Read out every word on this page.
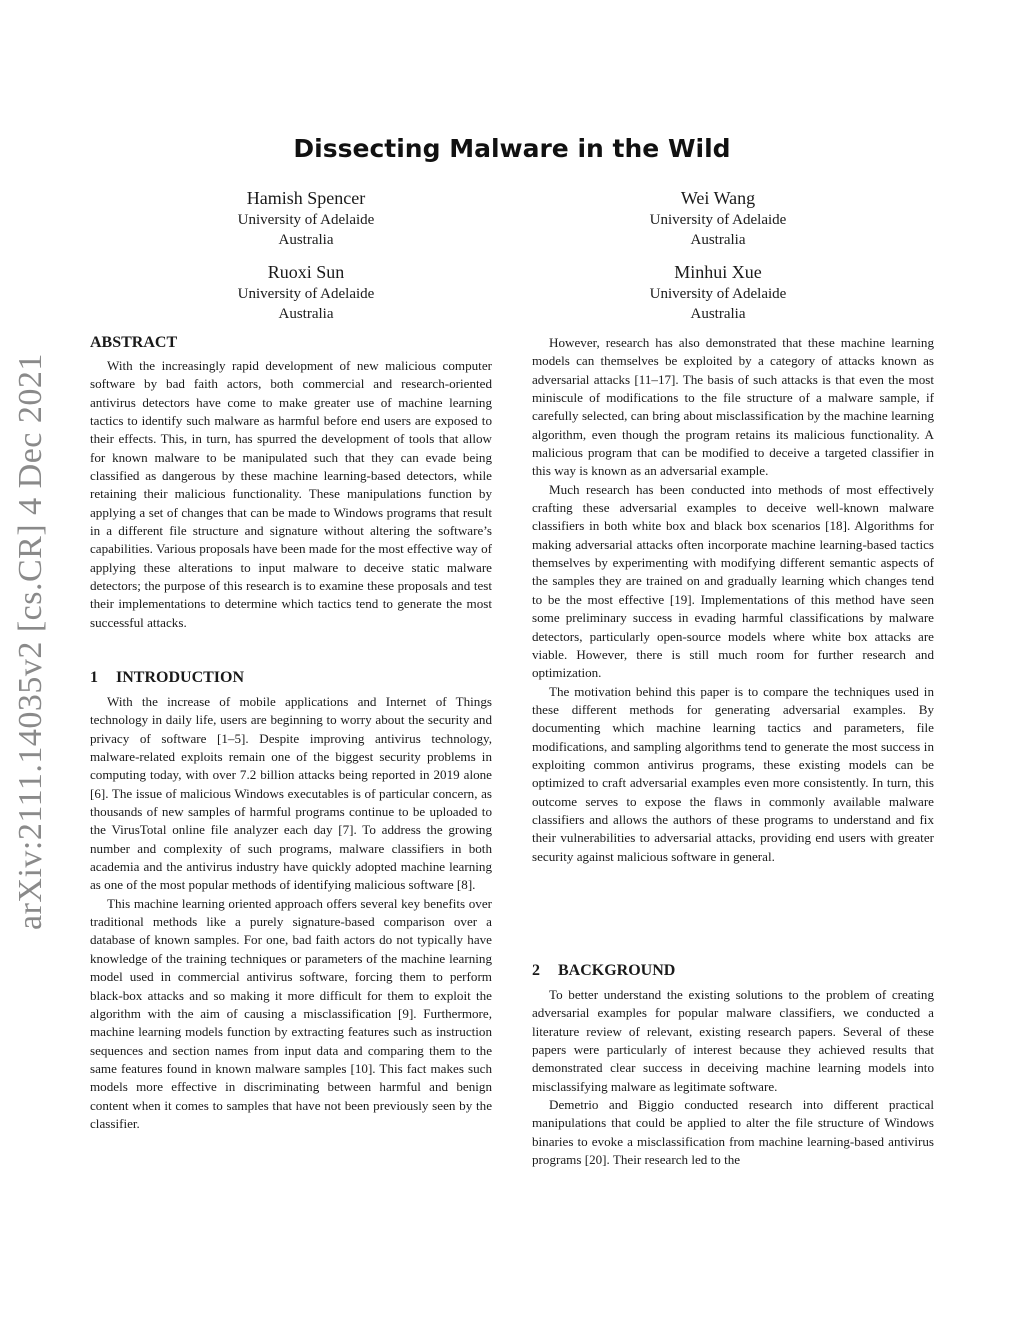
arXiv:2111.14035v2 [cs.CR] 4 Dec 2021
Dissecting Malware in the Wild
Hamish Spencer
University of Adelaide
Australia
Wei Wang
University of Adelaide
Australia
Ruoxi Sun
University of Adelaide
Australia
Minhui Xue
University of Adelaide
Australia
ABSTRACT

With the increasingly rapid development of new malicious computer software by bad faith actors, both commercial and research-oriented antivirus detectors have come to make greater use of machine learning tactics to identify such malware as harmful before end users are exposed to their effects. This, in turn, has spurred the development of tools that allow for known malware to be manipulated such that they can evade being classified as dangerous by these machine learning-based detectors, while retaining their malicious functionality. These manipulations function by applying a set of changes that can be made to Windows programs that result in a different file structure and signature without altering the software’s capabilities. Various proposals have been made for the most effective way of applying these alterations to input malware to deceive static malware detectors; the purpose of this research is to examine these proposals and test their implementations to determine which tactics tend to generate the most successful attacks.

1 INTRODUCTION

With the increase of mobile applications and Internet of Things technology in daily life, users are beginning to worry about the security and privacy of software [1–5]. Despite improving antivirus technology, malware-related exploits remain one of the biggest security problems in computing today, with over 7.2 billion attacks being reported in 2019 alone [6]. The issue of malicious Windows executables is of particular concern, as thousands of new samples of harmful programs continue to be uploaded to the VirusTotal online file analyzer each day [7]. To address the growing number and complexity of such programs, malware classifiers in both academia and the antivirus industry have quickly adopted machine learning as one of the most popular methods of identifying malicious software [8].

This machine learning oriented approach offers several key benefits over traditional methods like a purely signature-based comparison over a database of known samples. For one, bad faith actors do not typically have knowledge of the training techniques or parameters of the machine learning model used in commercial antivirus software, forcing them to perform black-box attacks and so making it more difficult for them to exploit the algorithm with the aim of causing a misclassification [9]. Furthermore, machine learning models function by extracting features such as instruction sequences and section names from input data and comparing them to the same features found in known malware samples [10]. This fact makes such models more effective in discriminating between harmful and benign content when it comes to samples that have not been previously seen by the classifier.

However, research has also demonstrated that these machine learning models can themselves be exploited by a category of attacks known as adversarial attacks [11–17]. The basis of such attacks is that even the most miniscule of modifications to the file structure of a malware sample, if carefully selected, can bring about misclassification by the machine learning algorithm, even though the program retains its malicious functionality. A malicious program that can be modified to deceive a targeted classifier in this way is known as an adversarial example.

Much research has been conducted into methods of most effectively crafting these adversarial examples to deceive well-known malware classifiers in both white box and black box scenarios [18]. Algorithms for making adversarial attacks often incorporate machine learning-based tactics themselves by experimenting with modifying different semantic aspects of the samples they are trained on and gradually learning which changes tend to be the most effective [19]. Implementations of this method have seen some preliminary success in evading harmful classifications by malware detectors, particularly open-source models where white box attacks are viable. However, there is still much room for further research and optimization.

The motivation behind this paper is to compare the techniques used in these different methods for generating adversarial examples. By documenting which machine learning tactics and parameters, file modifications, and sampling algorithms tend to generate the most success in exploiting common antivirus programs, these existing models can be optimized to craft adversarial examples even more consistently. In turn, this outcome serves to expose the flaws in commonly available malware classifiers and allows the authors of these programs to understand and fix their vulnerabilities to adversarial attacks, providing end users with greater security against malicious software in general.

2 BACKGROUND

To better understand the existing solutions to the problem of creating adversarial examples for popular malware classifiers, we conducted a literature review of relevant, existing research papers. Several of these papers were particularly of interest because they achieved results that demonstrated clear success in deceiving machine learning models into misclassifying malware as legitimate software.

Demetrio and Biggio conducted research into different practical manipulations that could be applied to alter the file structure of Windows binaries to evoke a misclassification from machine learning-based antivirus programs [20]. Their research led to the
